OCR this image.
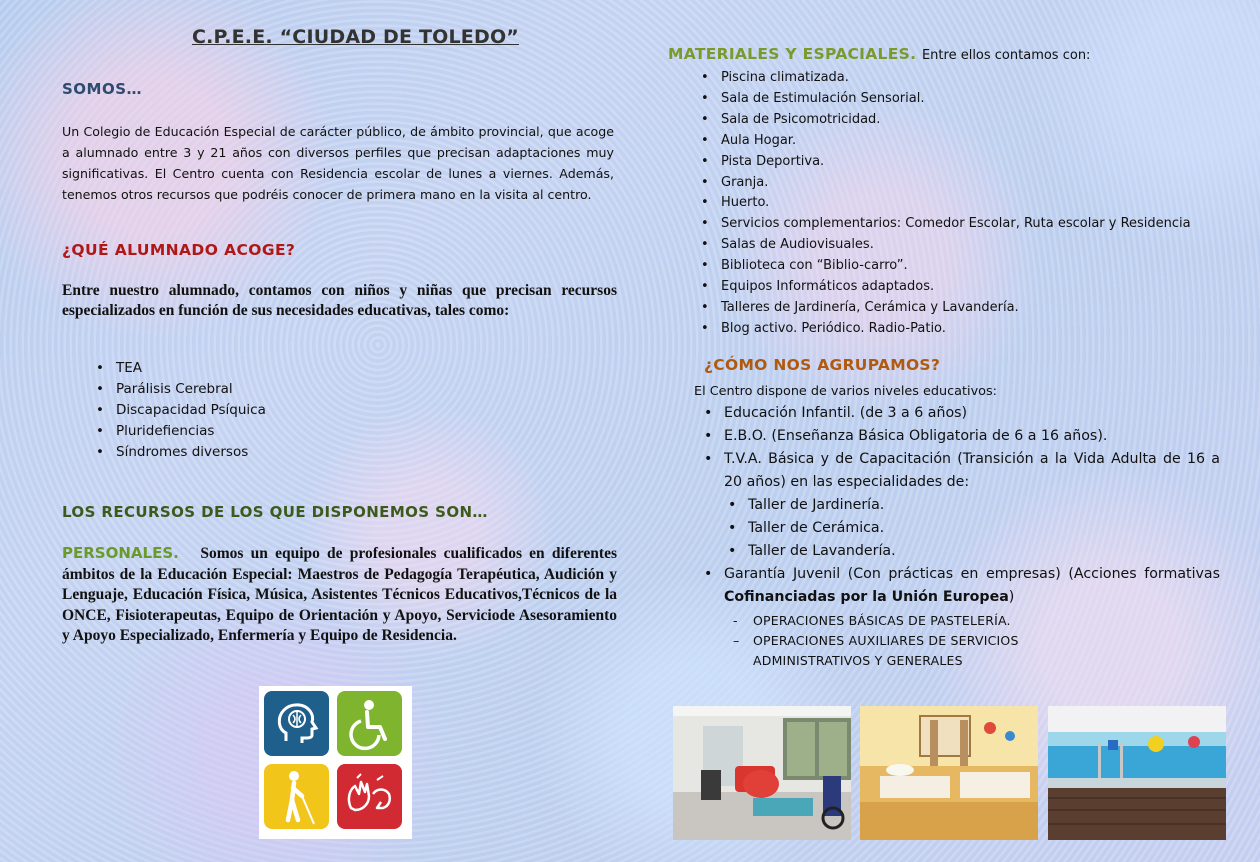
C.P.E.E. “CIUDAD DE TOLEDO”
SOMOS…
Un Colegio de Educación Especial de carácter público, de ámbito provincial, que acoge a alumnado entre 3 y 21 años con diversos perfiles que precisan adaptaciones muy significativas. El Centro cuenta con Residencia escolar de lunes a viernes. Además, tenemos otros recursos que podréis conocer de primera mano en la visita al centro.
¿QUÉ ALUMNADO ACOGE?
Entre nuestro alumnado, contamos con niños y niñas que precisan recursos especializados en función de sus necesidades educativas, tales como:
• TEA
• Parálisis Cerebral
• Discapacidad Psíquica
• Pluridefiencias
• Síndromes diversos
LOS RECURSOS DE LOS QUE DISPONEMOS SON…
PERSONALES. Somos un equipo de profesionales cualificados en diferentes ámbitos de la Educación Especial: Maestros de Pedagogía Terapéutica, Audición y Lenguaje, Educación Física, Música, Asistentes Técnicos Educativos,Técnicos de la ONCE, Fisioterapeutas, Equipo de Orientación y Apoyo, Serviciode Asesoramiento y Apoyo Especializado, Enfermería y Equipo de Residencia.
MATERIALES Y ESPACIALES. Entre ellos contamos con:
• Piscina climatizada.
• Sala de Estimulación Sensorial.
• Sala de Psicomotricidad.
• Aula Hogar.
• Pista Deportiva.
• Granja.
• Huerto.
• Servicios complementarios: Comedor Escolar, Ruta escolar y Residencia
• Salas de Audiovisuales.
• Biblioteca con “Biblio-carro”.
• Equipos Informáticos adaptados.
• Talleres de Jardinería, Cerámica y Lavandería.
• Blog activo. Periódico. Radio-Patio.
¿CÓMO NOS AGRUPAMOS?
El Centro dispone de varios niveles educativos:
• Educación Infantil. (de 3 a 6 años)
• E.B.O. (Enseñanza Básica Obligatoria de 6 a 16 años).
• T.V.A. Básica y de Capacitación (Transición a la Vida Adulta de 16 a 20 años) en las especialidades de:
• Taller de Jardinería.
• Taller de Cerámica.
• Taller de Lavandería.
• Garantía Juvenil (Con prácticas en empresas) (Acciones formativas Cofinanciadas por la Unión Europea)
- OPERACIONES BÁSICAS DE PASTELERÍA.
– OPERACIONES AUXILIARES DE SERVICIOS
ADMINISTRATIVOS Y GENERALES
